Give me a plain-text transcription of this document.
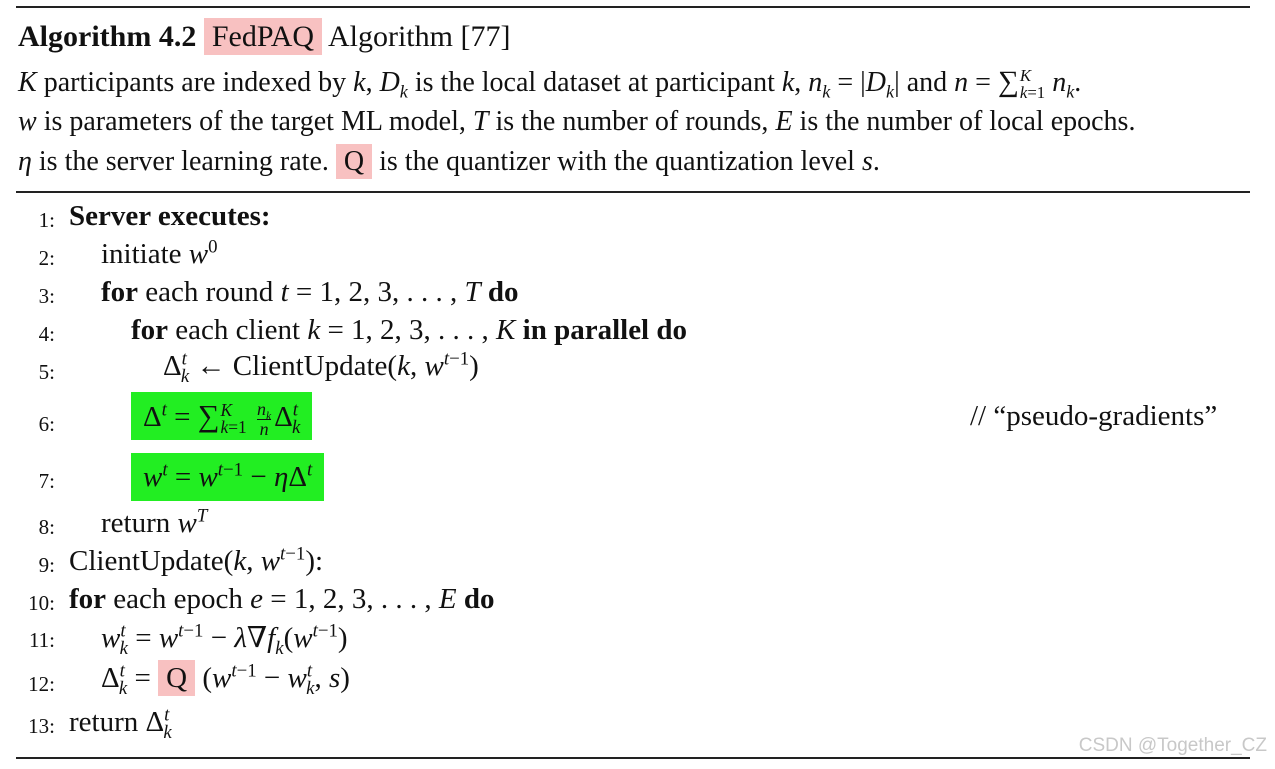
Algorithm 4.2 FedPAQ Algorithm [77]
K participants are indexed by k, $D_k$ is the local dataset at participant k, $n_k = |D_k|$ and n = ∑ K
k=1 $n_k$.
w is parameters of the target ML model, T is the number of rounds, E is the number of local epochs.
η is the server learning rate. Q is the quantizer with the quantization level s.
1: Server executes:
2: initiate $w^0$
3: for each round t = 1, 2, 3, . . . , T do
4:	for each client k = 1, 2, 3, . . . , K in parallel do
5:	$\Delta^t_k$ ← ClientUpdate(k, $w^{t-1}$)
6:	$\Delta^t$ = ∑ K
k=1
$\frac{n_k}{n} \Delta^t_k$	// “pseudo-gradients”
7:	$w^t = w^{t-1} - \eta\Delta^t$
8: return $w^T$
9: ClientUpdate(k, $w^{t-1}$):
10: for each epoch e = 1, 2, 3, . . . , E do
11: $w^t_k = w^{t-1} - \lambda\nabla f_k(w^{t-1})$
12: $\Delta^t_k = Q$ ($w^{t-1} - w^t_k$, s)
13: return $\Delta^t_k$
CSDN @Together_CZ
